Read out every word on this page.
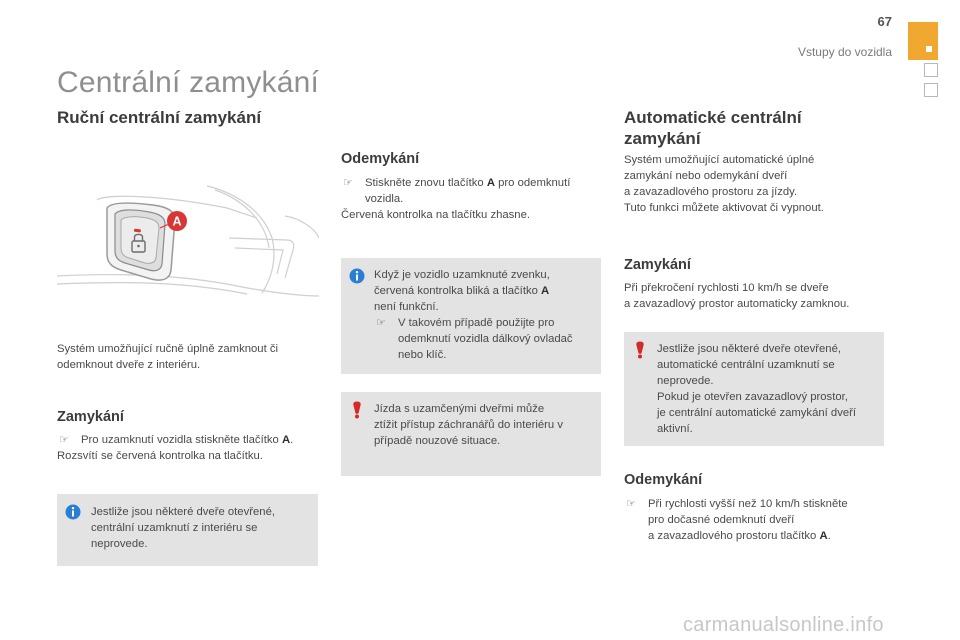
67
Vstupy do vozidla
Centrální zamykání
Ruční centrální zamykání
A
Systém umožňující ručně úplně zamknout či
odemknout dveře z interiéru.
Zamykání
☞ Pro uzamknutí vozidla stiskněte tlačítko A.
Rozsvítí se červená kontrolka na tlačítku.
Jestliže jsou některé dveře otevřené,
centrální uzamknutí z interiéru se
neprovede.
Odemykání
☞ Stiskněte znovu tlačítko A pro odemknutí
vozidla.
Červená kontrolka na tlačítku zhasne.
Když je vozidlo uzamknuté zvenku,
červená kontrolka bliká a tlačítko A
není funkční.
☞ V takovém případě použijte pro
odemknutí vozidla dálkový ovladač
nebo klíč.
Jízda s uzamčenými dveřmi může
ztížit přístup záchranářů do interiéru v
případě nouzové situace.
Automatické centrální
zamykání
Systém umožňující automatické úplné
zamykání nebo odemykání dveří
a zavazadlového prostoru za jízdy.
Tuto funkci můžete aktivovat či vypnout.
Zamykání
Při překročení rychlosti 10 km/h se dveře
a zavazadlový prostor automaticky zamknou.
Jestliže jsou některé dveře otevřené,
automatické centrální uzamknutí se
neprovede.
Pokud je otevřen zavazadlový prostor,
je centrální automatické zamykání dveří
aktivní.
Odemykání
☞ Při rychlosti vyšší než 10 km/h stiskněte
pro dočasné odemknutí dveří
a zavazadlového prostoru tlačítko A.
carmanualsonline.info
